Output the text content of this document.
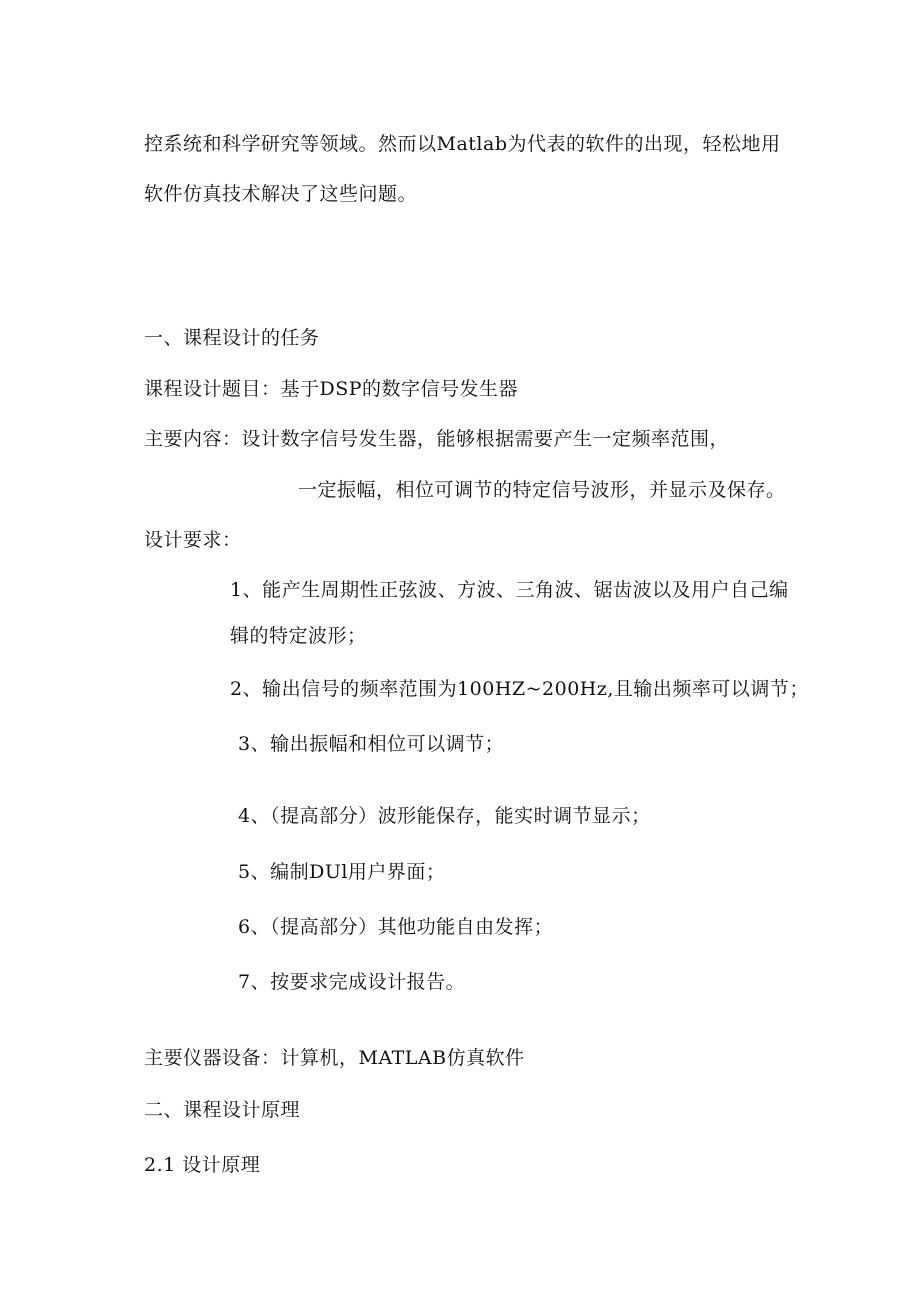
控系统和科学研究等领域。然而以Matlab为代表的软件的出现，轻松地用
软件仿真技术解决了这些问题。
一、课程设计的任务
课程设计题目：基于DSP的数字信号发生器
主要内容：设计数字信号发生器，能够根据需要产生一定频率范围，
一定振幅，相位可调节的特定信号波形，并显示及保存。
设计要求：
1、能产生周期性正弦波、方波、三角波、锯齿波以及用户自己编
辑的特定波形；
2、输出信号的频率范围为100HZ~200Hz,且输出频率可以调节；
3、输出振幅和相位可以调节；
4、（提高部分）波形能保存，能实时调节显示；
5、编制DUl用户界面；
6、（提高部分）其他功能自由发挥；
7、按要求完成设计报告。
主要仪器设备：计算机，MATLAB仿真软件
二、课程设计原理
2.1 设计原理
